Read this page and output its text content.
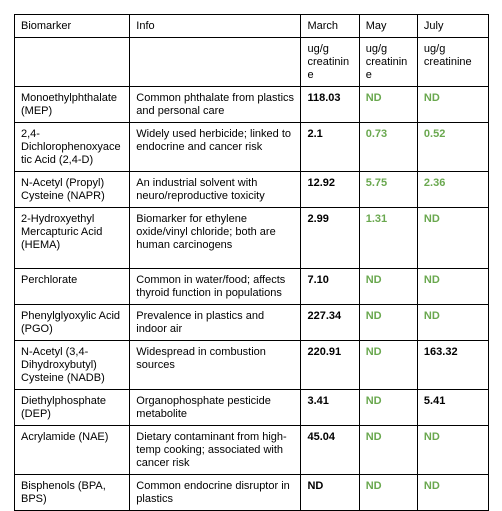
Biomarker	Info	March	May	July
		ug/g creatinine	ug/g creatinine	ug/g creatinine
Monoethylphthalate (MEP)	Common phthalate from plastics and personal care	118.03	ND	ND
2,4-Dichlorophenoxyacetic Acid (2,4-D)	Widely used herbicide; linked to endocrine and cancer risk	2.1	0.73	0.52
N-Acetyl (Propyl) Cysteine (NAPR)	An industrial solvent with neuro/reproductive toxicity	12.92	5.75	2.36
2-Hydroxyethyl Mercapturic Acid (HEMA)	Biomarker for ethylene oxide/vinyl chloride; both are human carcinogens	2.99	1.31	ND
Perchlorate	Common in water/food; affects thyroid function in populations	7.10	ND	ND
Phenylglyoxylic Acid (PGO)	Prevalence in plastics and indoor air	227.34	ND	ND
N-Acetyl (3,4-Dihydroxybutyl) Cysteine (NADB)	Widespread in combustion sources	220.91	ND	163.32
Diethylphosphate (DEP)	Organophosphate pesticide metabolite	3.41	ND	5.41
Acrylamide (NAE)	Dietary contaminant from high-temp cooking; associated with cancer risk	45.04	ND	ND
Bisphenols (BPA, BPS)	Common endocrine disruptor in plastics	ND	ND	ND
